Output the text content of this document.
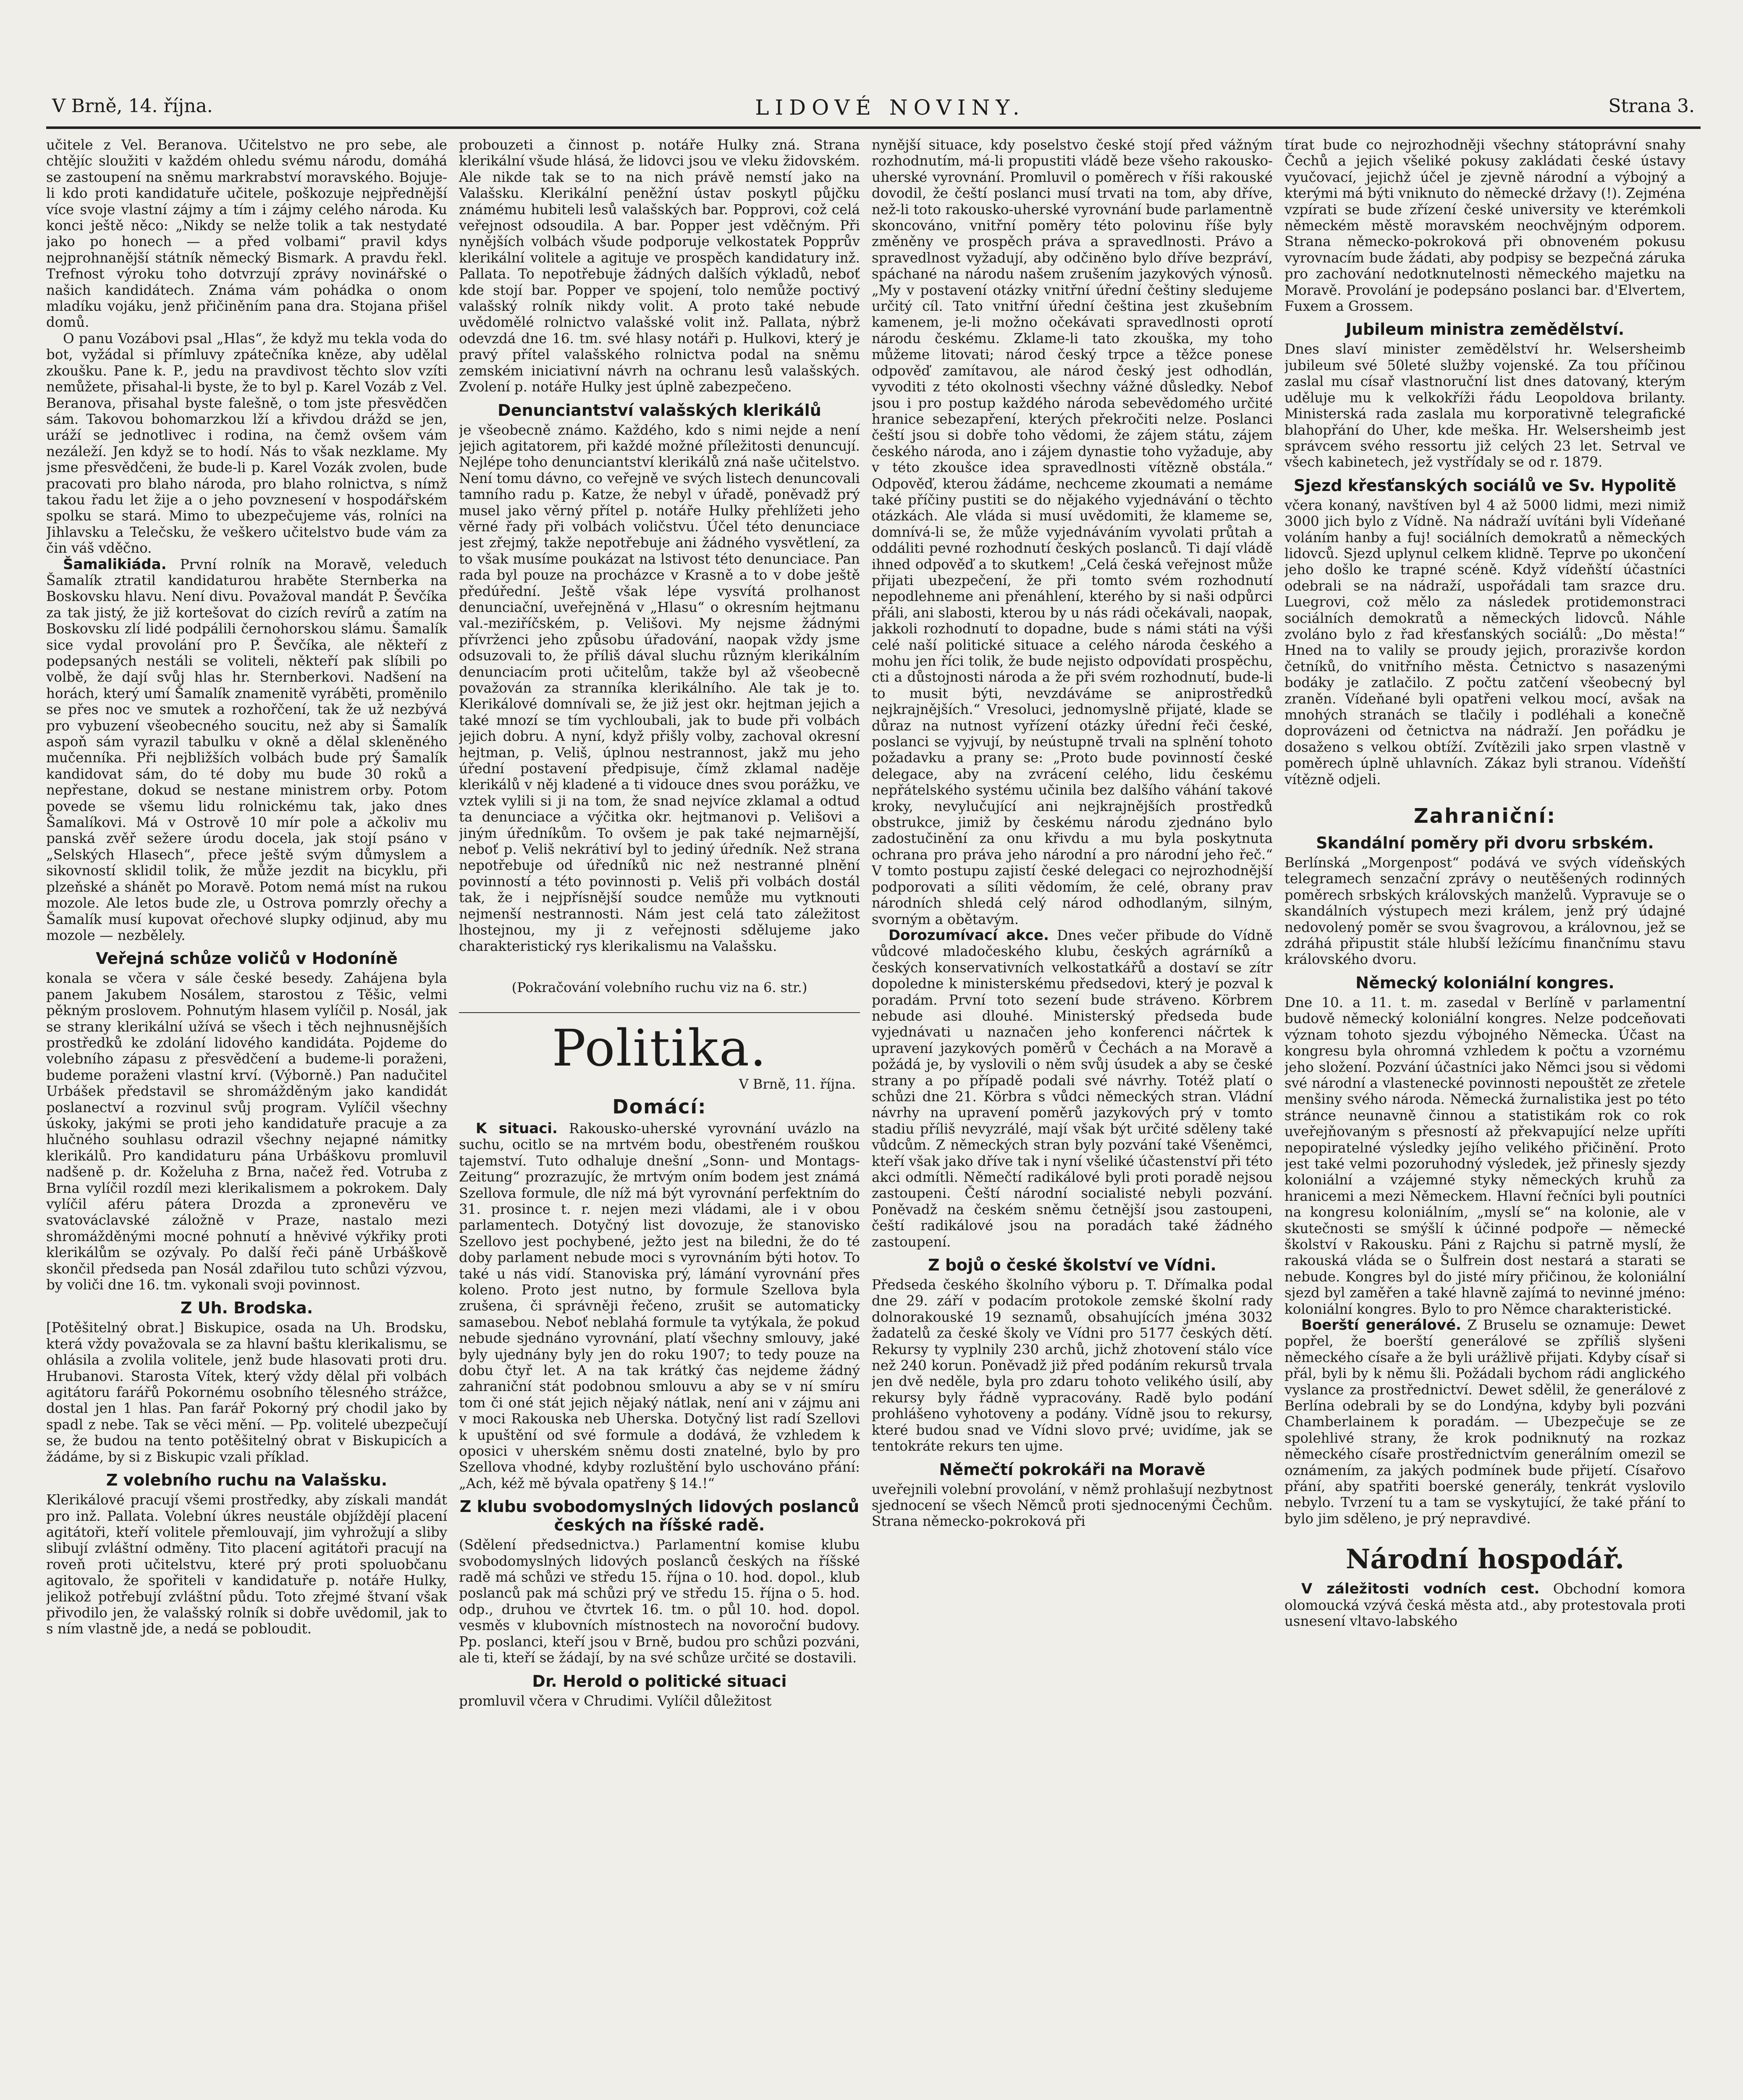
V Brně, 14. října.	LIDOVÉ NOVINY.	Strana 3.

učitele z Vel. Beranova. Učitelstvo ne pro sebe, ale chtějíc sloužiti v každém ohledu svému národu, domáhá se zastoupení na sněmu markrabství moravského. Bojuje-li kdo proti kandidatuře učitele, poškozuje nejpřednější více svoje vlastní zájmy a tím i zájmy celého národa. Ku konci ještě něco: „Nikdy se nelže tolik a tak nestydaté jako po honech — a před volbami“ pravil kdys nejprohnanější státník německý Bismark. A pravdu řekl. Trefnost výroku toho dotvrzují zprávy novinářské o našich kandidátech. Známa vám pohádka o onom mladíku vojáku, jenž přičiněním pana dra. Stojana přišel domů.

O panu Vozábovi psal „Hlas“, že když mu tekla voda do bot, vyžádal si přímluvy zpátečníka kněze, aby udělal zkoušku. Pane k. P., jedu na pravdivost těchto slov vzíti nemůžete, přisahal-li byste, že to byl p. Karel Vozáb z Vel. Beranova, přisahal byste falešně, o tom jste přesvědčen sám. Takovou bohomarzkou lží a křivdou drážd se jen, uráží se jednotlivec i rodina, na čemž ovšem vám nezáleží. Jen když se to hodí. Nás to však nezklame. My jsme přesvědčeni, že bude-li p. Karel Vozák zvolen, bude pracovati pro blaho národa, pro blaho rolnictva, s nímž takou řadu let žije a o jeho povznesení v hospodářském spolku se stará. Mimo to ubezpečujeme vás, rolníci na Jihlavsku a Telečsku, že veškero učitelstvo bude vám za čin váš vděčno.

Šamalikiáda. První rolník na Moravě, veleduch Šamalík ztratil kandidaturou hraběte Sternberka na Boskovsku hlavu. Není divu. Považoval mandát P. Ševčíka za tak jistý, že již kortešovat do cizích revírů a zatím na Boskovsku zlí lidé podpálili černohorskou slámu. Šamalík sice vydal provolání pro P. Ševčíka, ale někteří z podepsaných nestáli se voliteli, někteří pak slíbili po volbě, že dají svůj hlas hr. Sternberkovi. Nadšení na horách, který umí Šamalík znamenitě vyráběti, proměnilo se přes noc ve smutek a rozhořčení, tak že už nezbývá pro vybuzení všeobecného soucitu, než aby si Šamalík aspoň sám vyrazil tabulku v okně a dělal skleněného mučenníka. Při nejbližších volbách bude prý Šamalík kandidovat sám, do té doby mu bude 30 roků a nepřestane, dokud se nestane ministrem orby. Potom povede se všemu lidu rolnickému tak, jako dnes Šamalíkovi. Má v Ostrově 10 mír pole a ačkoliv mu panská zvěř sežere úrodu docela, jak stojí psáno v „Selských Hlasech“, přece ještě svým důmyslem a sikovností sklidil tolik, že může jezdit na bicyklu, při plzeňské a shánět po Moravě. Potom nemá míst na rukou mozole. Ale letos bude zle, u Ostrova pomrzly ořechy a Šamalík musí kupovat ořechové slupky odjinud, aby mu mozole — nezbělely.

Veřejná schůze voličů v Hodoníně

konala se včera v sále české besedy. Zahájena byla panem Jakubem Nosálem, starostou z Těšic, velmi pěkným proslovem. Pohnutým hlasem vylíčil p. Nosál, jak se strany klerikální užívá se všech i těch nejhnusnějších prostředků ke zdolání lidového kandidáta. Pojdeme do volebního zápasu z přesvědčení a budeme-li poraženi, budeme poraženi vlastní krví. (Výborně.) Pan nadučitel Urbášek představil se shromážděným jako kandidát poslanectví a rozvinul svůj program. Vylíčil všechny úskoky, jakými se proti jeho kandidatuře pracuje a za hlučného souhlasu odrazil všechny nejapné námitky klerikálů. Pro kandidaturu pána Urbáškovu promluvil nadšeně p. dr. Koželuha z Brna, načež řed. Votruba z Brna vylíčil rozdíl mezi klerikalismem a pokrokem. Daly vylíčil aféru pátera Drozda a zpronevěru ve svatováclavské záložně v Praze, nastalo mezi shromážděnými mocné pohnutí a hněvivé výkřiky proti klerikálům se ozývaly. Po další řeči páně Urbáškově skončil předseda pan Nosál zdařilou tuto schůzi výzvou, by voliči dne 16. tm. vykonali svoji povinnost.

Z Uh. Brodska.

[Potěšitelný obrat.] Biskupice, osada na Uh. Brodsku, která vždy považovala se za hlavní baštu klerikalismu, se ohlásila a zvolila volitele, jenž bude hlasovati proti dru. Hrubanovi. Starosta Vítek, který vždy dělal při volbách agitátoru farářů Pokornému osobního tělesného strážce, dostal jen 1 hlas. Pan farář Pokorný prý chodil jako by spadl z nebe. Tak se věci mění. — Pp. volitelé ubezpečují se, že budou na tento potěšitelný obrat v Biskupicích a žádáme, by si z Biskupic vzali příklad.

Z volebního ruchu na Valašsku.

Klerikálové pracují všemi prostředky, aby získali mandát pro inž. Pallata. Volební úkres neustále objíždějí placení agitátoři, kteří volitele přemlouvají, jim vyhrožují a sliby slibují zvláštní odměny. Tito placení agitátoři pracují na roveň proti učitelstvu, které prý proti spoluobčanu agitovalo, že spořiteli v kandidatuře p. notáře Hulky, jelikož potřebují zvláštní půdu. Toto zřejmé štvaní však přivodilo jen, že valašský rolník si dobře uvědomil, jak to s ním vlastně jde, a nedá se pobloudit.

probouzeti a činnost p. notáře Hulky zná. Strana klerikální všude hlásá, že lidovci jsou ve vleku židovském. Ale nikde tak se to na nich právě nemstí jako na Valašsku. Klerikální peněžní ústav poskytl půjčku známému hubiteli lesů valašských bar. Popprovi, což celá veřejnost odsoudila. A bar. Popper jest vděčným. Při nynějších volbách všude podporuje velkostatek Popprův klerikální volitele a agituje ve prospěch kandidatury inž. Pallata. To nepotřebuje žádných dalších výkladů, neboť kde stojí bar. Popper ve spojení, tolo nemůže poctivý valašský rolník nikdy volit. A proto také nebude uvědomělé rolnictvo valašské volit inž. Pallata, nýbrž odevzdá dne 16. tm. své hlasy notáři p. Hulkovi, který je pravý přítel valašského rolnictva podal na sněmu zemském iniciativní návrh na ochranu lesů valašských. Zvolení p. notáře Hulky jest úplně zabezpečeno.

Denunciantství valašských klerikálů

je všeobecně známo. Každého, kdo s nimi nejde a není jejich agitatorem, při každé možné příležitosti denuncují. Nejlépe toho denunciantství klerikálů zná naše učitelstvo. Není tomu dávno, co veřejně ve svých listech denuncovali tamního radu p. Katze, že nebyl v úřadě, poněvadž prý musel jako věrný přítel p. notáře Hulky přehlížeti jeho věrné řady při volbách voličstvu. Účel této denunciace jest zřejmý, takže nepotřebuje ani žádného vysvětlení, za to však musíme poukázat na lstivost této denunciace. Pan rada byl pouze na procházce v Krasně a to v dobe ještě předúřední. Ještě však lépe vysvítá prolhanost denunciační, uveřejněná v „Hlasu“ o okresním hejtmanu val.-meziříčském, p. Velišovi. My nejsme žádnými přívrženci jeho způsobu úřadování, naopak vždy jsme odsuzovali to, že příliš dával sluchu různým klerikálním denunciacím proti učitelům, takže byl až všeobecně považován za stranníka klerikálního. Ale tak je to. Klerikálové domnívali se, že již jest okr. hejtman jejich a také mnozí se tím vychloubali, jak to bude při volbách jejich dobru. A nyní, když přišly volby, zachoval okresní hejtman, p. Veliš, úplnou nestrannost, jakž mu jeho úřední postavení předpisuje, čímž zklamal naděje klerikálů v něj kladené a ti vidouce dnes svou porážku, ve vztek vylili si ji na tom, že snad nejvíce zklamal a odtud ta denunciace a výčitka okr. hejtmanovi p. Velišovi a jiným úředníkům. To ovšem je pak také nejmarnější, neboť p. Veliš nekrátiví byl to jediný úředník. Než strana nepotřebuje od úředníků nic než nestranné plnění povinností a této povinnosti p. Veliš při volbách dostál tak, že i nejpřísnější soudce nemůže mu vytknouti nejmenší nestrannosti. Nám jest celá tato záležitost lhostejnou, my ji z veřejnosti sdělujeme jako charakteristický rys klerikalismu na Valašsku.

(Pokračování volebního ruchu viz na 6. str.)
Politika.
V Brně, 11. října.
Domácí:

K situaci. Rakousko-uherské vyrovnání uvázlo na suchu, ocitlo se na mrtvém bodu, obestřeném rouškou tajemství. Tuto odhaluje dnešní „Sonn- und Montags-Zeitung“ prozrazujíc, že mrtvým oním bodem jest známá Szellova formule, dle níž má být vyrovnání perfektním do 31. prosince t. r. nejen mezi vládami, ale i v obou parlamentech. Dotyčný list dovozuje, že stanovisko Szellovo jest pochybené, ježto jest na biledni, že do té doby parlament nebude moci s vyrovnáním býti hotov. To také u nás vidí. Stanoviska prý, lámání vyrovnání přes koleno. Proto jest nutno, by formule Szellova byla zrušena, či správněji řečeno, zrušit se automaticky samasebou. Neboť neblahá formule ta vytýkala, že pokud nebude sjednáno vyrovnání, platí všechny smlouvy, jaké byly ujednány byly jen do roku 1907; to tedy pouze na dobu čtyř let. A na tak krátký čas nejdeme žádný zahraniční stát podobnou smlouvu a aby se v ní smíru tom či oné stát jejich nějaký nátlak, není ani v zájmu ani v moci Rakouska neb Uherska. Dotyčný list radí Szellovi k upuštění od své formule a dodává, že vzhledem k oposici v uherském sněmu dosti znatelné, bylo by pro Szellova vhodné, kdyby rozluštění bylo uschováno přání: „Ach, kéž mě bývala opatřeny § 14.!“

Z klubu svobodomyslných lidových poslanců českých na říšské radě.

(Sdělení předsednictva.) Parlamentní komise klubu svobodomyslných lidových poslanců českých na říšské radě má schůzi ve středu 15. října o 10. hod. dopol., klub poslanců pak má schůzi prý ve středu 15. října o 5. hod. odp., druhou ve čtvrtek 16. tm. o půl 10. hod. dopol. vesměs v klubovních místnostech na novoroční budovy. Pp. poslanci, kteří jsou v Brně, budou pro schůzi pozváni, ale ti, kteří se žádají, by na své schůze určité se dostavili.

Dr. Herold o politické situaci

promluvil včera v Chrudimi. Vylíčil důležitost

nynější situace, kdy poselstvo české stojí před vážným rozhodnutím, má-li propustiti vládě beze všeho rakousko-uherské vyrovnání. Promluvil o poměrech v říši rakouské dovodil, že čeští poslanci musí trvati na tom, aby dříve, než-li toto rakousko-uherské vyrovnání bude parlamentně skoncováno, vnitřní poměry této polovinu říše byly změněny ve prospěch práva a spravedlnosti. Právo a spravedlnost vyžadují, aby odčiněno bylo dříve bezpráví, spáchané na národu našem zrušením jazykových výnosů. „My v postavení otázky vnitřní úřední češtiny sledujeme určitý cíl. Tato vnitřní úřední čeština jest zkušebním kamenem, je-li možno očekávati spravedlnosti oprotí národu českému. Zklame-li tato zkouška, my toho můžeme litovati; národ český trpce a těžce ponese odpověď zamítavou, ale národ český jest odhodlán, vyvoditi z této okolnosti všechny vážné důsledky. Nebof jsou i pro postup každého národa sebevědomého určité hranice sebezapření, kterých překročiti nelze. Poslanci čeští jsou si dobře toho vědomi, že zájem státu, zájem českého národa, ano i zájem dynastie toho vyžaduje, aby v této zkoušce idea spravedlnosti vítězně obstála.“ Odpověď, kterou žádáme, nechceme zkoumati a nemáme také příčiny pustiti se do nějakého vyjednávání o těchto otázkách. Ale vláda si musí uvědomiti, že klameme se, domnívá-li se, že může vyjednáváním vyvolati průtah a oddáliti pevné rozhodnutí českých poslanců. Ti dají vládě ihned odpověď a to skutkem! „Celá česká veřejnost může přijati ubezpečení, že při tomto svém rozhodnutí nepodlehneme ani přenáhlení, kterého by si naši odpůrci přáli, ani slabosti, kterou by u nás rádi očekávali, naopak, jakkoli rozhodnutí to dopadne, bude s námi státi na výši celé naší politické situace a celého národa českého a mohu jen říci tolik, že bude nejisto odpovídati prospěchu, cti a důstojnosti národa a že při svém rozhodnutí, bude-li to musit býti, nevzdáváme se aniprostředků nejkrajnějších.“ Vresoluci, jednomyslně přijaté, klade se důraz na nutnost vyřízení otázky úřední řeči české, poslanci se vyjvují, by neústupně trvali na splnění tohoto požadavku a prany se: „Proto bude povinností české delegace, aby na zvrácení celého, lidu českému nepřátelského systému učinila bez dalšího váhání takové kroky, nevylučující ani nejkrajnějších prostředků obstrukce, jimiž by českému národu zjednáno bylo zadostučinění za onu křivdu a mu byla poskytnuta ochrana pro práva jeho národní a pro národní jeho řeč.“ V tomto postupu zajistí české delegaci co nejrozhodnější podporovati a síliti vědomím, že celé, obrany prav národních shledá celý národ odhodlaným, silným, svorným a obětavým.

Dorozumívací akce. Dnes večer přibude do Vídně vůdcové mladočeského klubu, českých agrárníků a českých konservativních velkostatkářů a dostaví se zítr dopoledne k ministerskému předsedovi, který je pozval k poradám. První toto sezení bude stráveno. Körbrem nebude asi dlouhé. Ministerský předseda bude vyjednávati u naznačen jeho konferenci náčrtek k upravení jazykových poměrů v Čechách a na Moravě a požádá je, by vyslovili o něm svůj úsudek a aby se české strany a po případě podali své návrhy. Totéž platí o schůzi dne 21. Körbra s vůdci německých stran. Vládní návrhy na upravení poměrů jazykových prý v tomto stadiu příliš nevyzrálé, mají však být určité sděleny také vůdcům. Z německých stran byly pozvání také Všeněmci, kteří však jako dříve tak i nyní všeliké účastenství při této akci odmítli. Němečtí radikálové byli proti poradě nejsou zastoupeni. Čeští národní socialisté nebyli pozvání. Poněvadž na českém sněmu četnější jsou zastoupeni, čeští radikálové jsou na poradách také žádného zastoupení.

Z bojů o české školství ve Vídni.

Předseda českého školního výboru p. T. Dřímalka podal dne 29. září v podacím protokole zemské školní rady dolnorakouské 19 seznamů, obsahujících jména 3032 žadatelů za české školy ve Vídni pro 5177 českých dětí. Rekursy ty vyplnily 230 archů, jichž zhotovení stálo více než 240 korun. Poněvadž již před podáním rekursů trvala jen dvě neděle, byla pro zdaru tohoto velikého úsilí, aby rekursy byly řádně vypracovány. Radě bylo podání prohlášeno vyhotoveny a podány. Vídně jsou to rekursy, které budou snad ve Vídni slovo prvé; uvidíme, jak se tentokráte rekurs ten ujme.

Němečtí pokrokáři na Moravě

uveřejnili volební provolání, v němž prohlašují nezbytnost sjednocení se všech Němců proti sjednocenými Čechům. Strana německo-pokroková při

tírat bude co nejrozhodněji všechny státoprávní snahy Čechů a jejich všeliké pokusy zakládati české ústavy vyučovací, jejichž účel je zjevně národní a výbojný a kterými má býti vniknuto do německé državy (!). Zejména vzpírati se bude zřízení české university ve kterémkoli německém městě moravském neochvějným odporem. Strana německo-pokroková při obnoveném pokusu vyrovnacím bude žádati, aby podpisy se bezpečná záruka pro zachování nedotknutelnosti německého majetku na Moravě. Provolání je podepsáno poslanci bar. d'Elvertem, Fuxem a Grossem.

Jubileum ministra zemědělství.

Dnes slaví minister zemědělství hr. Welsersheimb jubileum své 50leté služby vojenské. Za tou příčinou zaslal mu císař vlastnoruční list dnes datovaný, kterým uděluje mu k velkokříži řádu Leopoldova brilanty. Ministerská rada zaslala mu korporativně telegrafické blahopřání do Uher, kde meška. Hr. Welsersheimb jest správcem svého ressortu již celých 23 let. Setrval ve všech kabinetech, jež vystřídaly se od r. 1879.

Sjezd křesťanských sociálů ve Sv. Hypolitě

včera konaný, navštíven byl 4 až 5000 lidmi, mezi nimiž 3000 jich bylo z Vídně. Na nádraží uvítáni byli Vídeňané voláním hanby a fuj! sociálních demokratů a německých lidovců. Sjezd uplynul celkem klidně. Teprve po ukončení jeho došlo ke trapné scéně. Když vídeňští účastníci odebrali se na nádraží, uspořádali tam srazce dru. Luegrovi, což mělo za následek protidemonstraci sociálních demokratů a německých lidovců. Náhle zvoláno bylo z řad křesťanských sociálů: „Do města!“ Hned na to valily se proudy jejich, prorazivše kordon četníků, do vnitřního města. Četnictvo s nasazenými bodáky je zatlačilo. Z počtu zatčení všeobecný byl zraněn. Vídeňané byli opatřeni velkou mocí, avšak na mnohých stranách se tlačily i podléhali a konečně doprovázeni od četnictva na nádraží. Jen pořádku je dosaženo s velkou obtíží. Zvítězili jako srpen vlastně v poměrech úplně uhlavních. Zákaz byli stranou. Vídeňští vítězně odjeli.

Zahraniční:
Skandální poměry při dvoru srbském.

Berlínská „Morgenpost“ podává ve svých vídeňských telegramech senzační zprávy o neutěšených rodinných poměrech srbských královských manželů. Vypravuje se o skandálních výstupech mezi králem, jenž prý údajné nedovolený poměr se svou švagrovou, a královnou, jež se zdráhá připustit stále hlubší ležícímu finančnímu stavu královského dvoru.

Německý koloniální kongres.

Dne 10. a 11. t. m. zasedal v Berlíně v parlamentní budově německý koloniální kongres. Nelze podceňovati význam tohoto sjezdu výbojného Německa. Účast na kongresu byla ohromná vzhledem k počtu a vzornému jeho složení. Pozvání účastníci jako Němci jsou si vědomi své národní a vlastenecké povinnosti nepouštět ze zřetele menšiny svého národa. Německá žurnalistika jest po této stránce neunavně činnou a statistikám rok co rok uveřejňovaným s přesností až překvapující nelze upříti nepopiratelné výsledky jejího velikého přičinění. Proto jest také velmi pozoruhodný výsledek, jež přinesly sjezdy koloniální a vzájemné styky německých kruhů za hranicemi a mezi Německem. Hlavní řečníci byli poutníci na kongresu koloniálním, „myslí se“ na kolonie, ale v skutečnosti se smýšlí k účinné podpoře — německé školství v Rakousku. Páni z Rajchu si patrně myslí, že rakouská vláda se o Šulfrein dost nestará a starati se nebude. Kongres byl do jisté míry přičinou, že koloniální sjezd byl zaměřen a také hlavně zajímá to nevinné jméno: koloniální kongres. Bylo to pro Němce charakteristické.

Boerští generálové. Z Bruselu se oznamuje: Dewet popřel, že boerští generálové se zpříliš slyšeni německého císaře a že byli urážlivě přijati. Kdyby císař si přál, byli by k němu šli. Požádali bychom rádi anglického vyslance za prostřednictví. Dewet sdělil, že generálové z Berlína odebrali by se do Londýna, kdyby byli pozváni Chamberlainem k poradám. — Ubezpečuje se ze spolehlivé strany, že krok podniknutý na rozkaz německého císaře prostřednictvím generálním omezil se oznámením, za jakých podmínek bude přijetí. Císařovo přání, aby spatřiti boerské generály, tenkrát vyslovilo nebylo. Tvrzení tu a tam se vyskytující, že také přání to bylo jim sděleno, je prý nepravdivé.

Národní hospodář.

V záležitosti vodních cest. Obchodní komora olomoucká vzývá česká města atd., aby protestovala proti usnesení vltavo-labského
